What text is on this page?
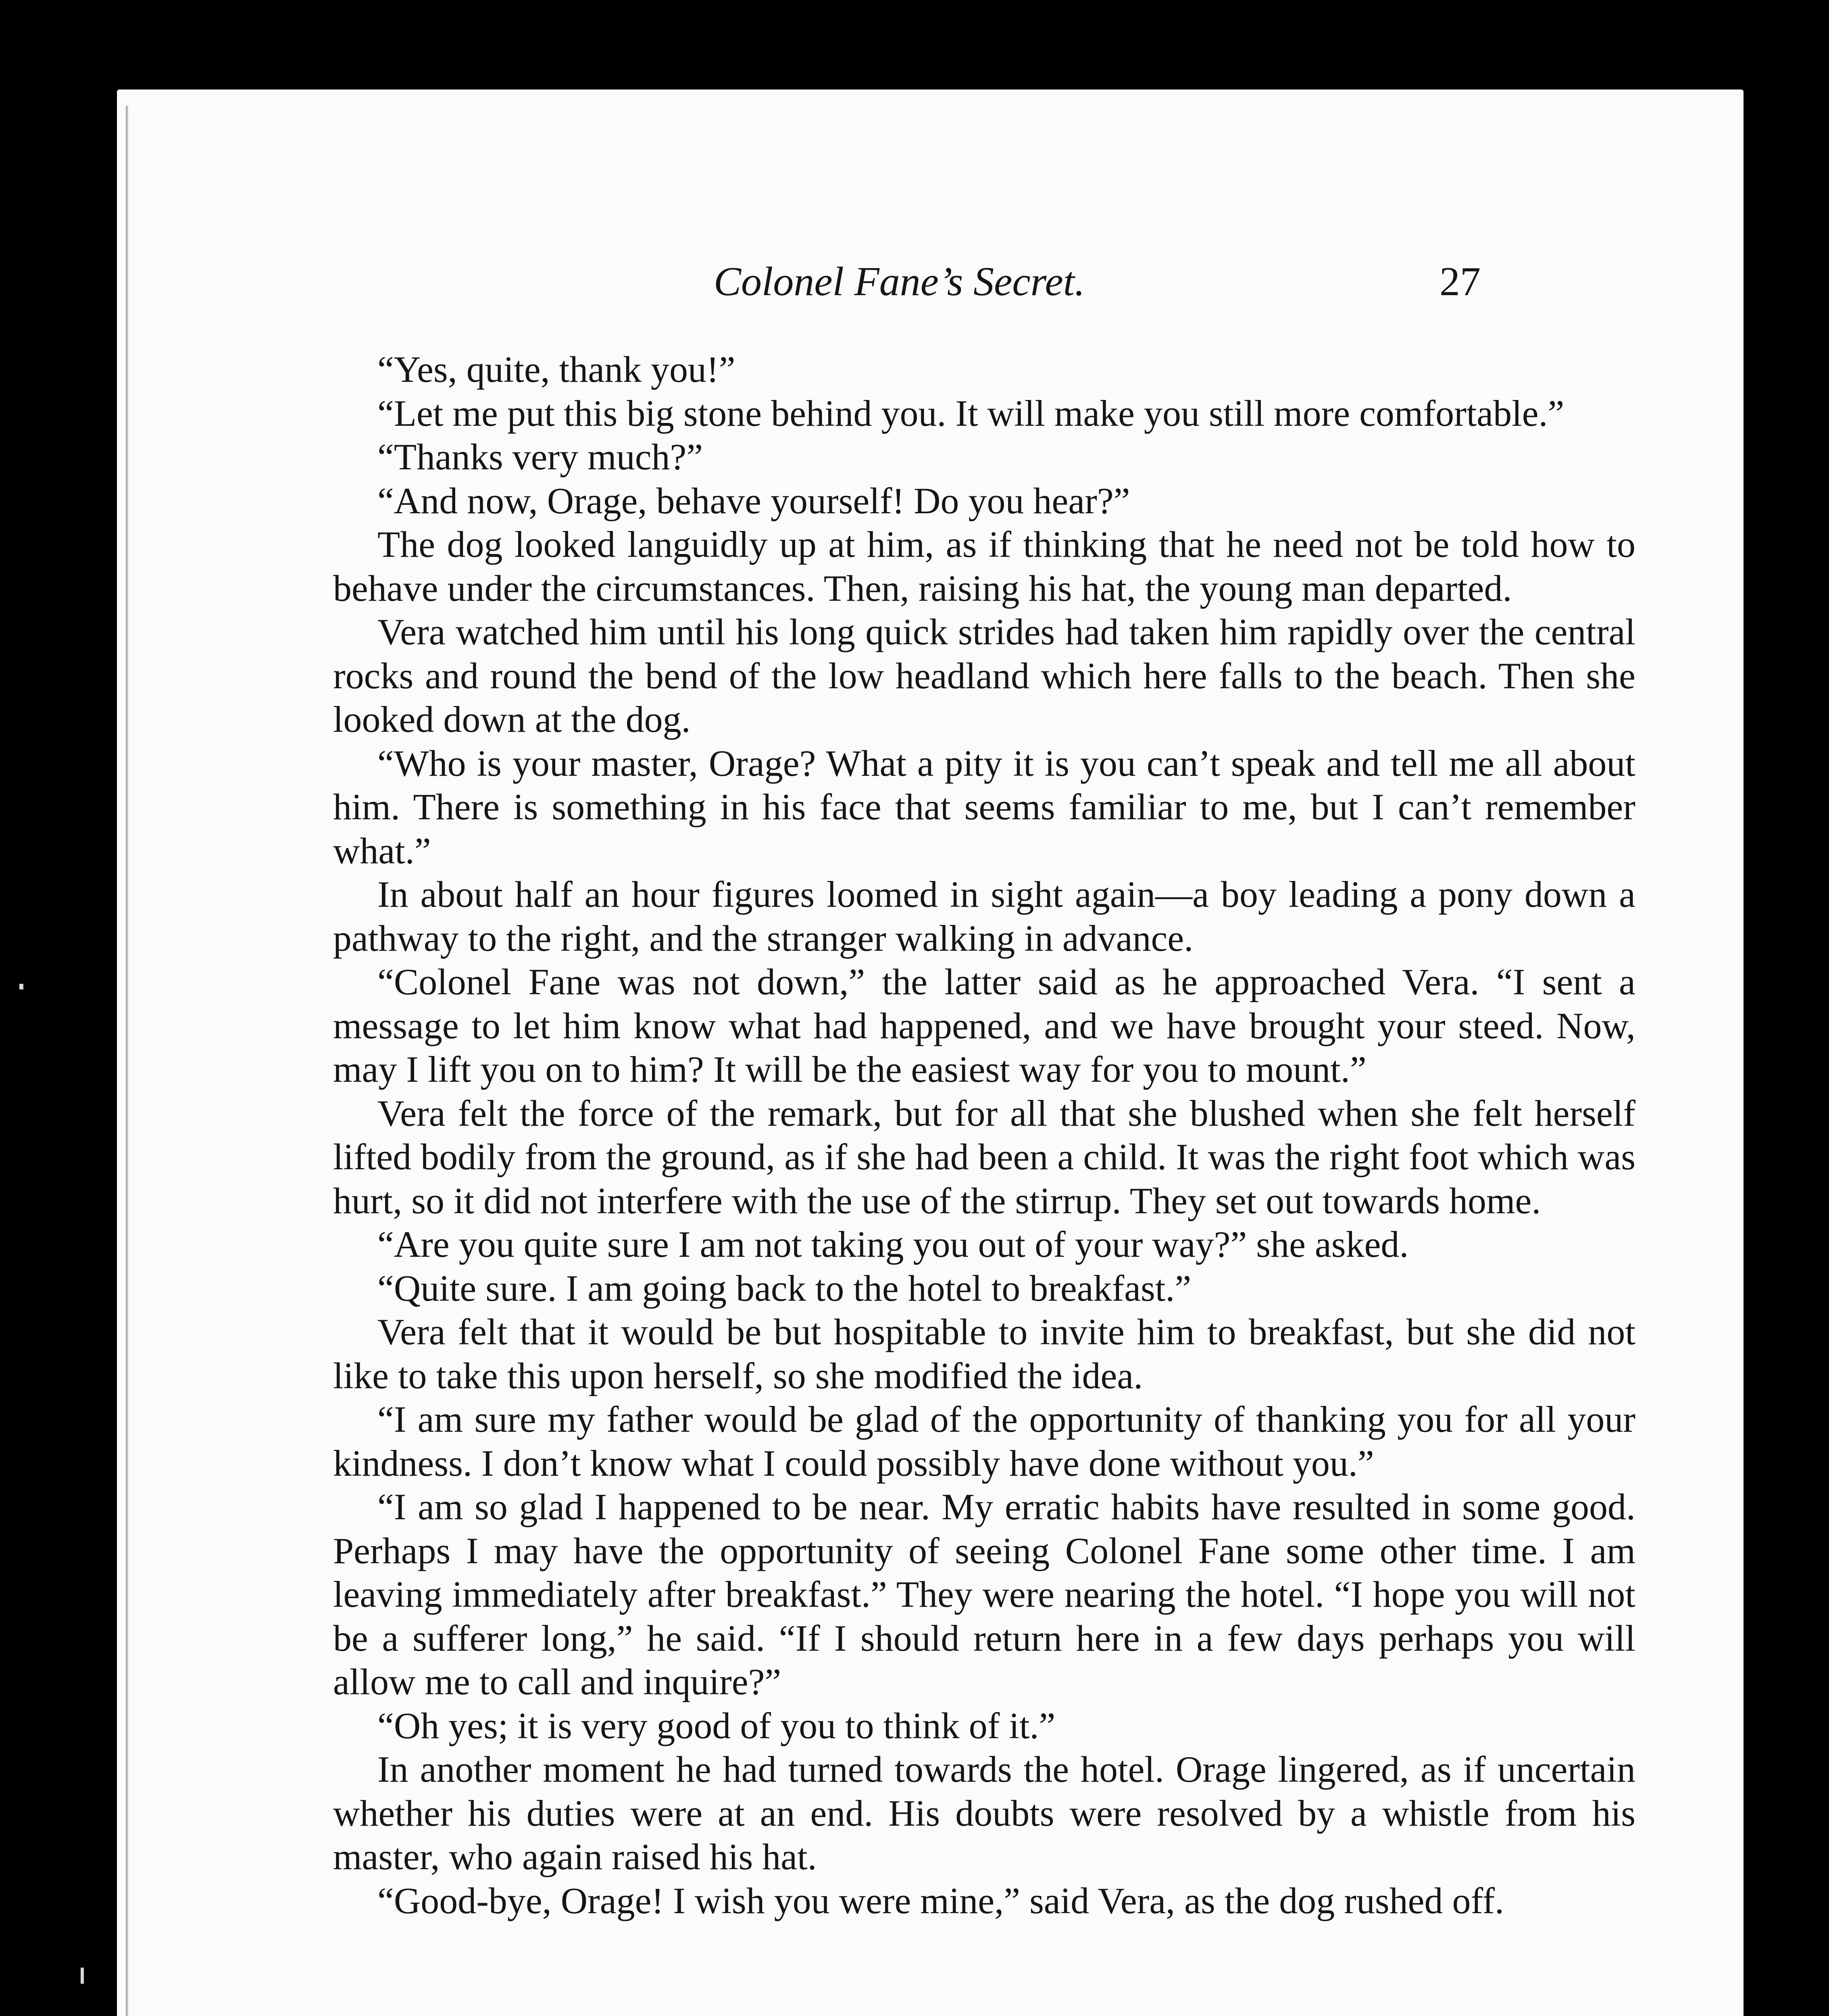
Colonel Fane’s Secret.	27

“Yes, quite, thank you!”

“Let me put this big stone behind you. It will make you still more comfortable.”

“Thanks very much?”

“And now, Orage, behave yourself! Do you hear?”

The dog looked languidly up at him, as if thinking that he need not be told how to behave under the circumstances. Then, raising his hat, the young man departed.

Vera watched him until his long quick strides had taken him rapidly over the central rocks and round the bend of the low headland which here falls to the beach. Then she looked down at the dog.

“Who is your master, Orage? What a pity it is you can’t speak and tell me all about him. There is something in his face that seems familiar to me, but I can’t remember what.”

In about half an hour figures loomed in sight again—a boy leading a pony down a pathway to the right, and the stranger walking in advance.

“Colonel Fane was not down,” the latter said as he approached Vera. “I sent a message to let him know what had happened, and we have brought your steed. Now, may I lift you on to him? It will be the easiest way for you to mount.”

Vera felt the force of the remark, but for all that she blushed when she felt herself lifted bodily from the ground, as if she had been a child. It was the right foot which was hurt, so it did not interfere with the use of the stirrup. They set out towards home.

“Are you quite sure I am not taking you out of your way?” she asked.

“Quite sure. I am going back to the hotel to breakfast.”

Vera felt that it would be but hospitable to invite him to breakfast, but she did not like to take this upon herself, so she modified the idea.

“I am sure my father would be glad of the opportunity of thanking you for all your kindness. I don’t know what I could possibly have done without you.”

“I am so glad I happened to be near. My erratic habits have resulted in some good. Perhaps I may have the opportunity of seeing Colonel Fane some other time. I am leaving immediately after breakfast.” They were nearing the hotel. “I hope you will not be a sufferer long,” he said. “If I should return here in a few days perhaps you will allow me to call and inquire?”

“Oh yes; it is very good of you to think of it.”

In another moment he had turned towards the hotel. Orage lingered, as if uncertain whether his duties were at an end. His doubts were resolved by a whistle from his master, who again raised his hat.

“Good-bye, Orage! I wish you were mine,” said Vera, as the dog rushed off.
